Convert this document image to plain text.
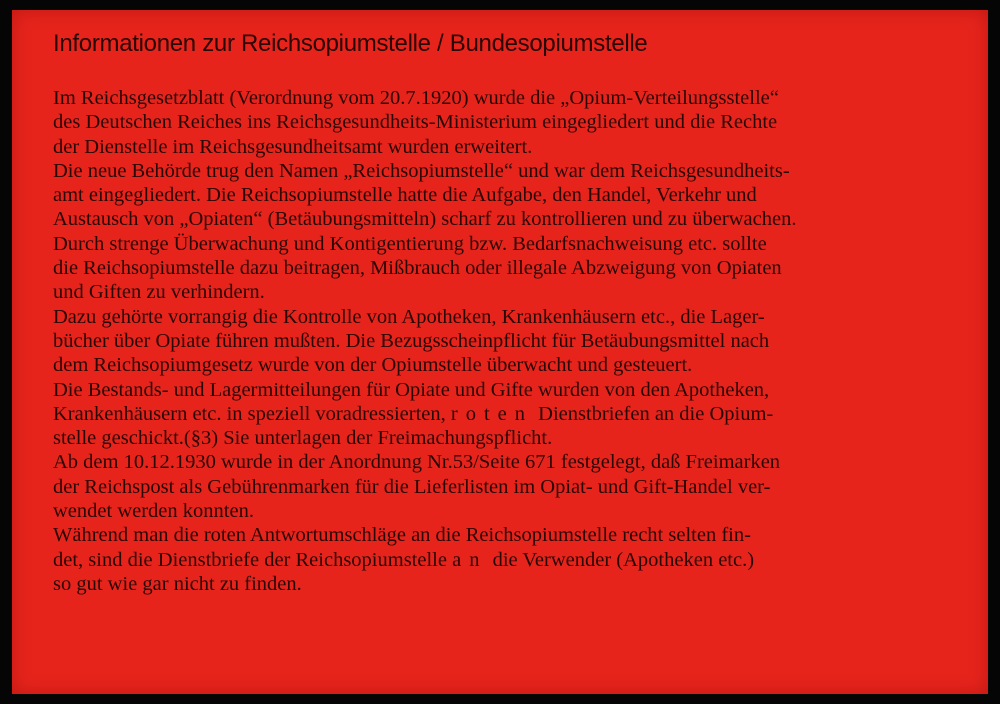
Informationen zur Reichsopiumstelle / Bundesopiumstelle
Im Reichsgesetzblatt (Verordnung vom 20.7.1920) wurde die „Opium-Verteilungsstelle“
des Deutschen Reiches ins Reichsgesundheits-Ministerium eingegliedert und die Rechte
der Dienstelle im Reichsgesundheitsamt wurden erweitert.
Die neue Behörde trug den Namen „Reichsopiumstelle“ und war dem Reichsgesundheits-
amt eingegliedert. Die Reichsopiumstelle hatte die Aufgabe, den Handel, Verkehr und
Austausch von „Opiaten“ (Betäubungsmitteln) scharf zu kontrollieren und zu überwachen.
Durch strenge Überwachung und Kontigentierung bzw. Bedarfsnachweisung etc. sollte
die Reichsopiumstelle dazu beitragen, Mißbrauch oder illegale Abzweigung von Opiaten
und Giften zu verhindern.
Dazu gehörte vorrangig die Kontrolle von Apotheken, Krankenhäusern etc., die Lager-
bücher über Opiate führen mußten. Die Bezugsscheinpflicht für Betäubungsmittel nach
dem Reichsopiumgesetz wurde von der Opiumstelle überwacht und gesteuert.
Die Bestands- und Lagermitteilungen für Opiate und Gifte wurden von den Apotheken,
Krankenhäusern etc. in speziell voradressierten, roten Dienstbriefen an die Opium-
stelle geschickt.(§3) Sie unterlagen der Freimachungspflicht.
Ab dem 10.12.1930 wurde in der Anordnung Nr.53/Seite 671 festgelegt, daß Freimarken
der Reichspost als Gebührenmarken für die Lieferlisten im Opiat- und Gift-Handel ver-
wendet werden konnten.
Während man die roten Antwortumschläge an die Reichsopiumstelle recht selten fin-
det, sind die Dienstbriefe der Reichsopiumstelle an die Verwender (Apotheken etc.)
so gut wie gar nicht zu finden.
